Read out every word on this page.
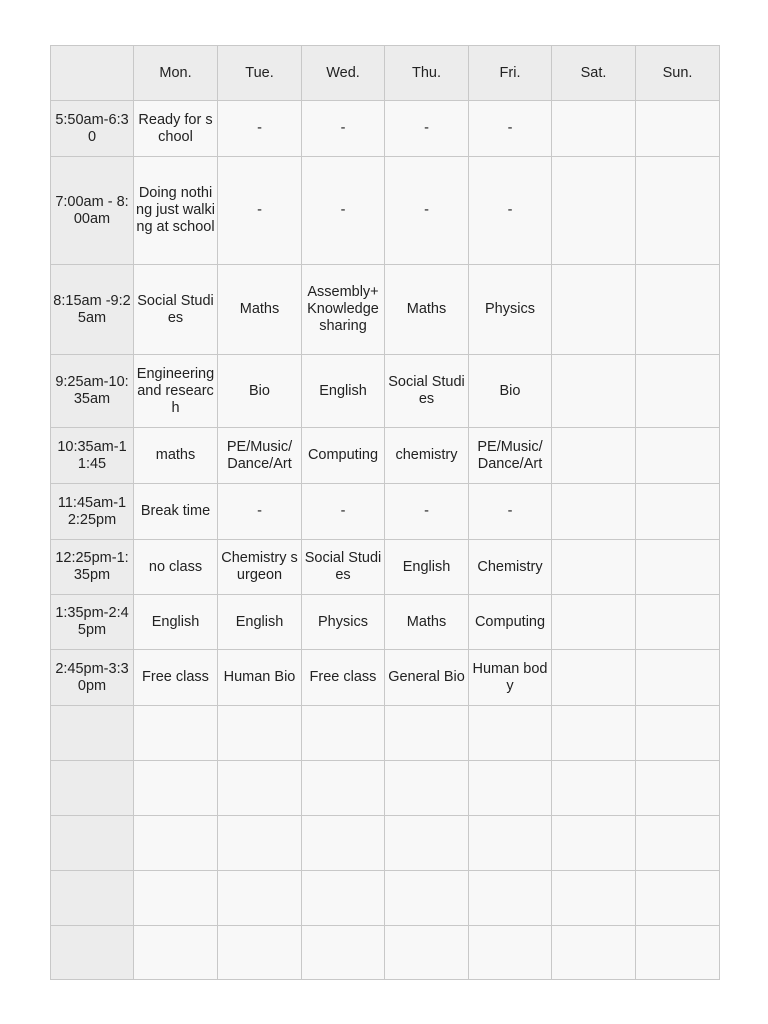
	Mon.	Tue.	Wed.	Thu.	Fri.	Sat.	Sun.
5:50am-6:30	Ready for school	-	-	-	-		
7:00am - 8:00am	Doing nothing just walking at school	-	-	-	-		
8:15am -9:25am	Social Studies	Maths	Assembly+Knowledge sharing	Maths	Physics		
9:25am-10:35am	Engineering and research	Bio	English	Social Studies	Bio		
10:35am-11:45	maths	PE/Music/ Dance/Art	Computing	chemistry	PE/Music/ Dance/Art		
11:45am-12:25pm	Break time	-	-	-	-		
12:25pm-1:35pm	no class	Chemistry surgeon	Social Studies	English	Chemistry		
1:35pm-2:45pm	English	English	Physics	Maths	Computing		
2:45pm-3:30pm	Free class	Human Bio	Free class	General Bio	Human body		
